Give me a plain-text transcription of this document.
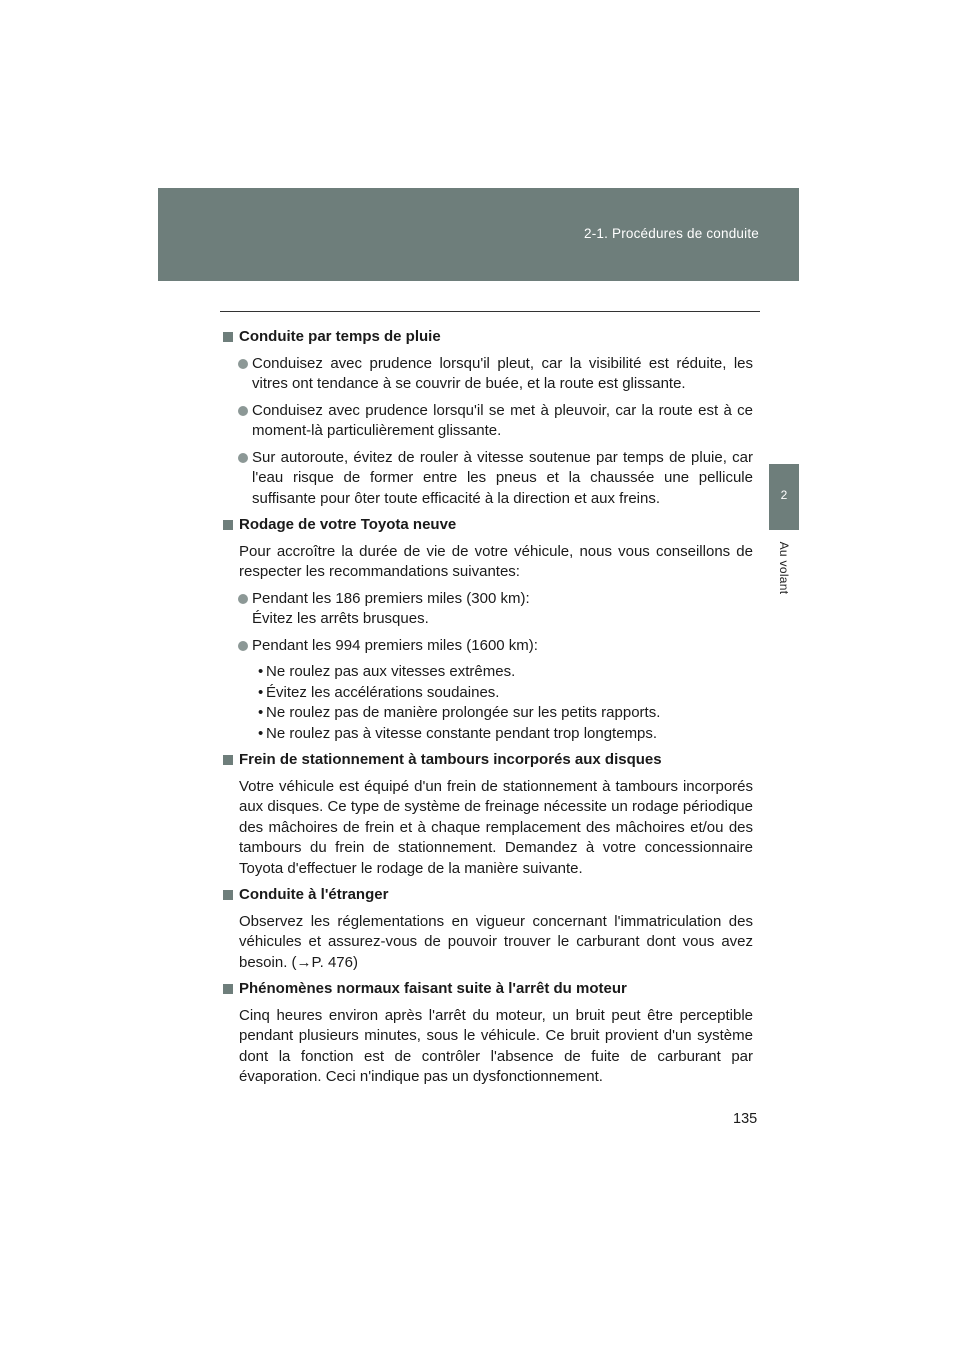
2-1. Procédures de conduite
2
Au volant
Conduite par temps de pluie
Conduisez avec prudence lorsqu'il pleut, car la visibilité est réduite, les vitres ont tendance à se couvrir de buée, et la route est glissante.
Conduisez avec prudence lorsqu'il se met à pleuvoir, car la route est à ce moment-là particulièrement glissante.
Sur autoroute, évitez de rouler à vitesse soutenue par temps de pluie, car l'eau risque de former entre les pneus et la chaussée une pellicule suffisante pour ôter toute efficacité à la direction et aux freins.
Rodage de votre Toyota neuve
Pour accroître la durée de vie de votre véhicule, nous vous conseillons de respecter les recommandations suivantes:
Pendant les 186 premiers miles (300 km):
Évitez les arrêts brusques.
Pendant les 994 premiers miles (1600 km):
• Ne roulez pas aux vitesses extrêmes.
• Évitez les accélérations soudaines.
• Ne roulez pas de manière prolongée sur les petits rapports.
• Ne roulez pas à vitesse constante pendant trop longtemps.
Frein de stationnement à tambours incorporés aux disques
Votre véhicule est équipé d'un frein de stationnement à tambours incorporés aux disques. Ce type de système de freinage nécessite un rodage périodique des mâchoires de frein et à chaque remplacement des mâchoires et/ou des tambours du frein de stationnement. Demandez à votre concessionnaire Toyota d'effectuer le rodage de la manière suivante.
Conduite à l'étranger
Observez les réglementations en vigueur concernant l'immatriculation des véhicules et assurez-vous de pouvoir trouver le carburant dont vous avez besoin. (→P. 476)
Phénomènes normaux faisant suite à l'arrêt du moteur
Cinq heures environ après l'arrêt du moteur, un bruit peut être perceptible pendant plusieurs minutes, sous le véhicule. Ce bruit provient d'un système dont la fonction est de contrôler l'absence de fuite de carburant par évaporation. Ceci n'indique pas un dysfonctionnement.
135
